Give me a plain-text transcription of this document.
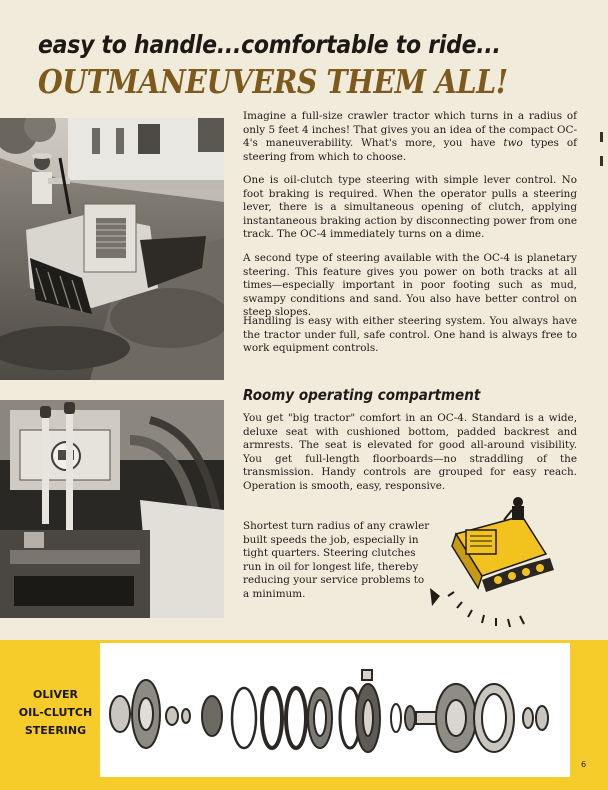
easy to handle...comfortable to ride...
OUTMANEUVERS THEM ALL!

Imagine a full-size crawler tractor which turns in a radius of only 5 feet 4 inches! That gives you an idea of the compact OC-4's maneuverability. What's more, you have two types of steering from which to choose.

One is oil-clutch type steering with simple lever control. No foot braking is required. When the operator pulls a steering lever, there is a simultaneous opening of clutch, applying instantaneous braking action by disconnecting power from one track. The OC-4 immediately turns on a dime.

A second type of steering available with the OC-4 is planetary steering. This feature gives you power on both tracks at all times—especially important in poor footing such as mud, swampy conditions and sand. You also have better control on steep slopes.

Handling is easy with either steering system. You always have the tractor under full, safe control. One hand is always free to work equipment controls.

Roomy operating compartment

You get "big tractor" comfort in an OC-4. Standard is a wide, deluxe seat with cushioned bottom, padded backrest and armrests. The seat is elevated for good all-around visibility. You get full-length floorboards—no straddling of the transmission. Handy controls are grouped for easy reach. Operation is smooth, easy, responsive.

Shortest turn radius of any crawler built speeds the job, especially in tight quarters. Steering clutches run in oil for longest life, thereby reducing your service problems to a minimum.
OLIVER
OIL-CLUTCH
STEERING
6
